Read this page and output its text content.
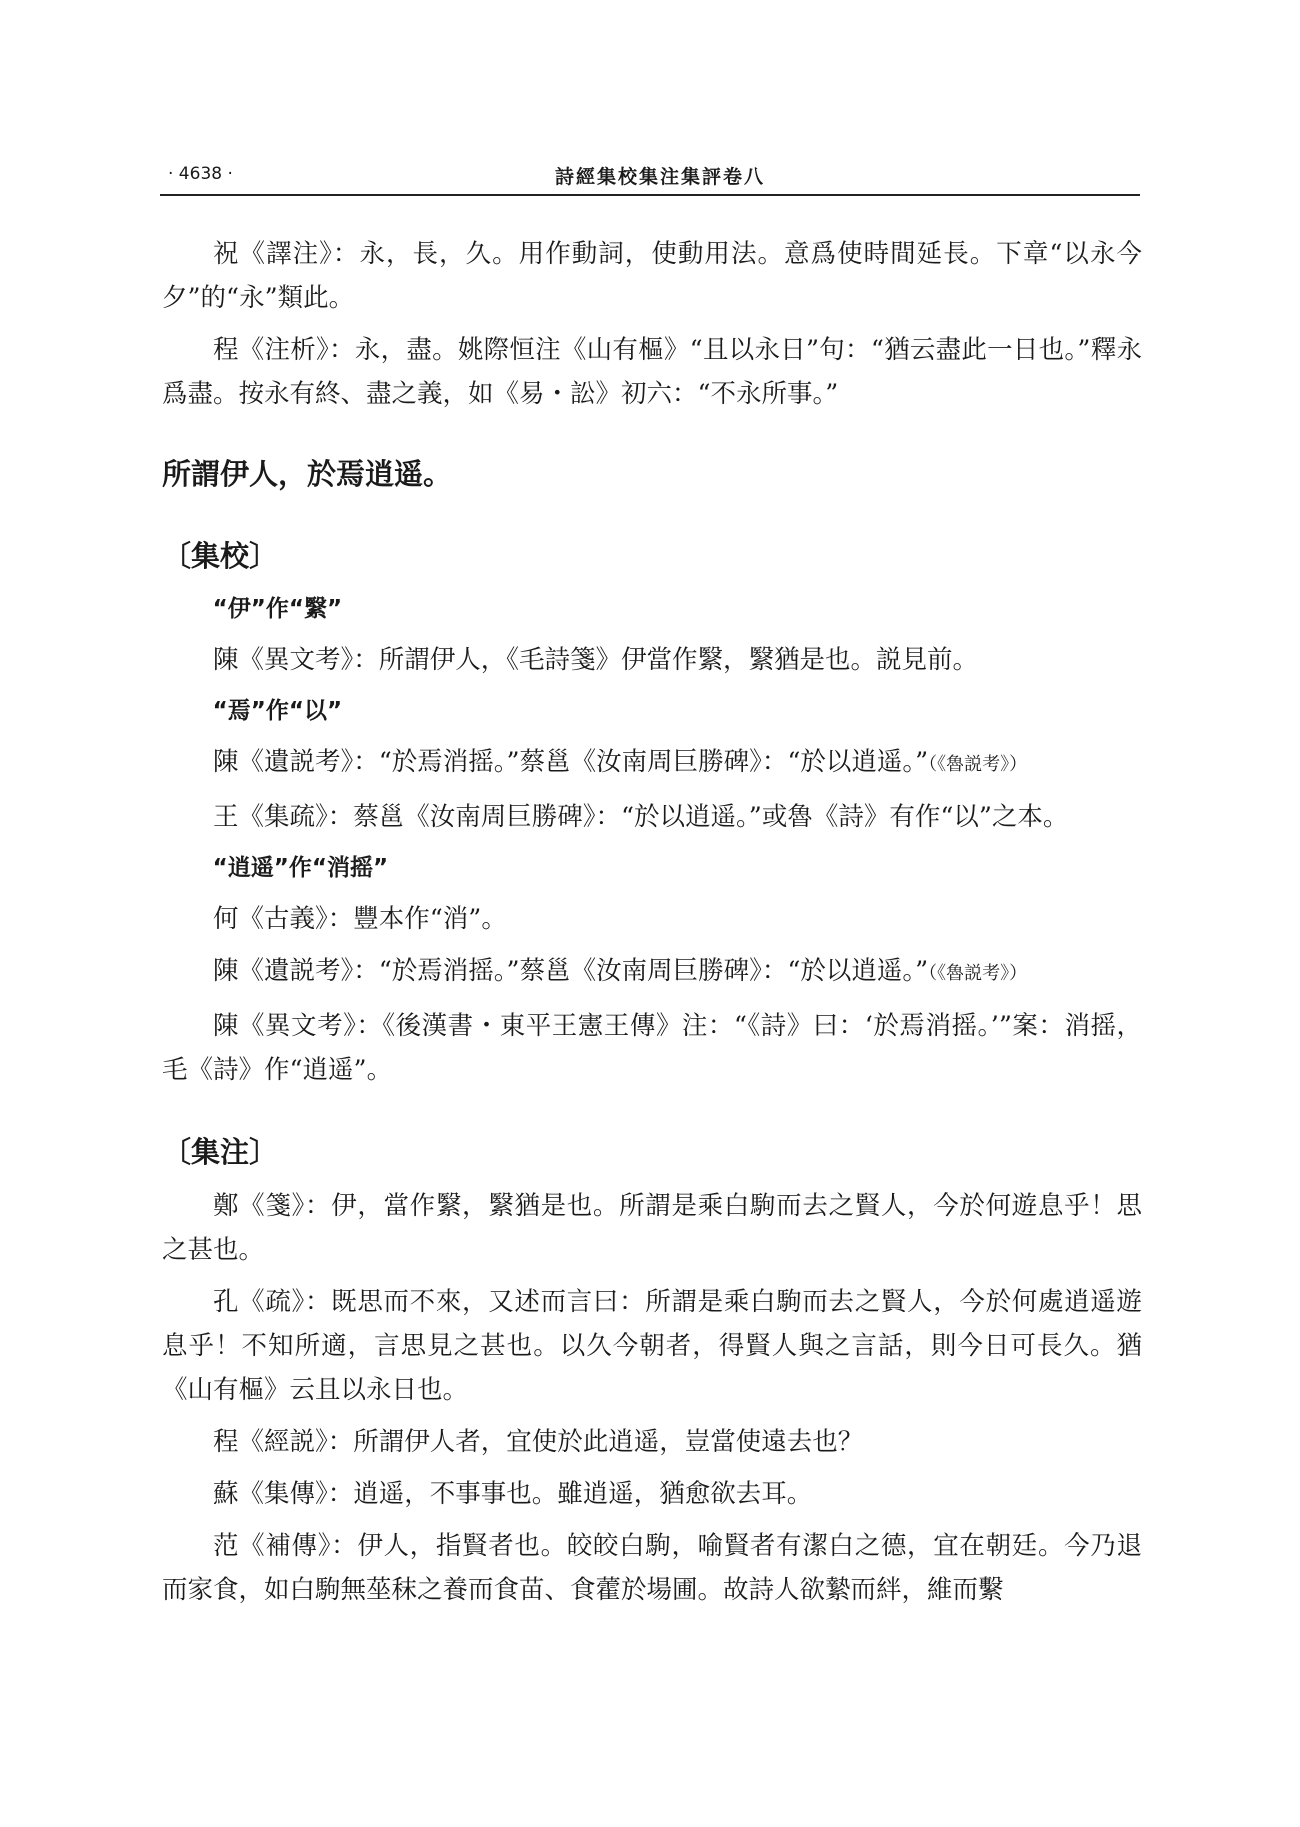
· 4638 ·	詩經集校集注集評卷八

祝《譯注》：永，長，久。用作動詞，使動用法。意爲使時間延長。下章“以永今夕”的“永”類此。

程《注析》：永，盡。姚際恒注《山有樞》“且以永日”句：“猶云盡此一日也。”釋永爲盡。按永有終、盡之義，如《易・訟》初六：“不永所事。”

所謂伊人，於焉逍遥。
〔集校〕
“伊”作“繄”

陳《異文考》：所謂伊人，《毛詩箋》伊當作繄，繄猶是也。説見前。

“焉”作“以”

陳《遺説考》：“於焉消摇。”蔡邕《汝南周巨勝碑》：“於以逍遥。”（《魯説考》）

王《集疏》：蔡邕《汝南周巨勝碑》：“於以逍遥。”或魯《詩》有作“以”之本。

“逍遥”作“消摇”

何《古義》：豐本作“消”。

陳《遺説考》：“於焉消摇。”蔡邕《汝南周巨勝碑》：“於以逍遥。”（《魯説考》）

陳《異文考》：《後漢書・東平王憲王傳》注：“《詩》曰：‘於焉消摇。’”案：消摇，毛《詩》作“逍遥”。

〔集注〕

鄭《箋》：伊，當作繄，繄猶是也。所謂是乘白駒而去之賢人，今於何遊息乎！思之甚也。

孔《疏》：既思而不來，又述而言曰：所謂是乘白駒而去之賢人，今於何處逍遥遊息乎！不知所適，言思見之甚也。以久今朝者，得賢人與之言話，則今日可長久。猶《山有樞》云且以永日也。

程《經説》：所謂伊人者，宜使於此逍遥，豈當使遠去也？

蘇《集傳》：逍遥，不事事也。雖逍遥，猶愈欲去耳。

范《補傳》：伊人，指賢者也。皎皎白駒，喻賢者有潔白之德，宜在朝廷。今乃退而家食，如白駒無莝秣之養而食苗、食藿於場圃。故詩人欲縶而絆，維而繫
